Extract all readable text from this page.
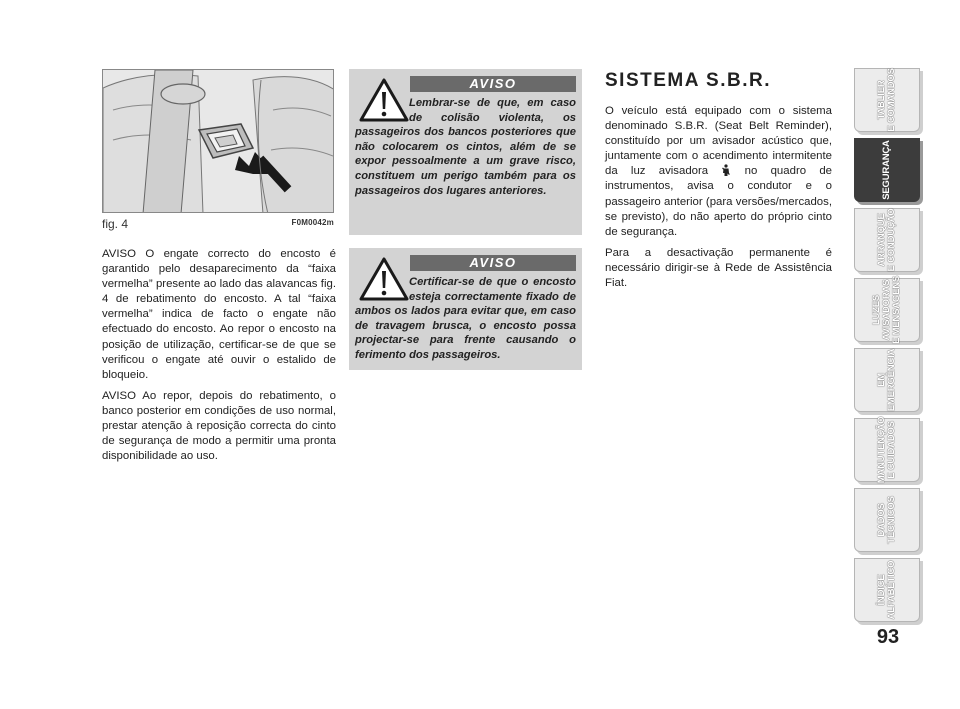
fig. 4	F0M0042m

AVISO O engate correcto do encosto é garantido pelo desaparecimento da “faixa vermelha” presente ao lado das alavancas fig. 4 de rebatimento do encosto. A tal “faixa vermelha” indica de facto o engate não efectuado do encosto. Ao repor o encosto na posição de utilização, certificar-se de que se verificou o engate até ouvir o estalido de bloqueio.

AVISO Ao repor, depois do rebatimento, o banco posterior em condições de uso normal, prestar atenção à reposição correcta do cinto de segurança de modo a permitir uma pronta disponibilidade ao uso.

AVISO
Lembrar-se de que, em caso de colisão violenta, os passageiros dos bancos posteriores que não colocarem os cintos, além de se expor pessoalmente a um grave risco, constituem um perigo também para os passageiros dos lugares anteriores.
AVISO
Certificar-se de que o encosto esteja correctamente fixado de ambos os lados para evitar que, em caso de travagem brusca, o encosto possa projectar-se para frente causando o ferimento dos passageiros.
SISTEMA S.B.R.

O veículo está equipado com o sistema denominado S.B.R. (Seat Belt Reminder), constituído por um avisador acústico que, juntamente com o acendimento intermitente da luz avisadora	no quadro de instrumentos, avisa o condutor e o passageiro anterior (para versões/mercados, se previsto), do não aperto do próprio cinto de segurança.

Para a desactivação permanente é necessário dirigir-se à Rede de Assistência Fiat.

TABLIER
E COMANDOS
SEGURANÇA
ARRANQUE
E CONDUÇÃO
LUZES
AVISADORAS
E MENSAGENS
EM
EMERGÊNCIA
MANUTENÇÃO
E CUIDADOS
DADOS
TÉCNICOS
ÍNDICE
ALFABÉTICO
93
